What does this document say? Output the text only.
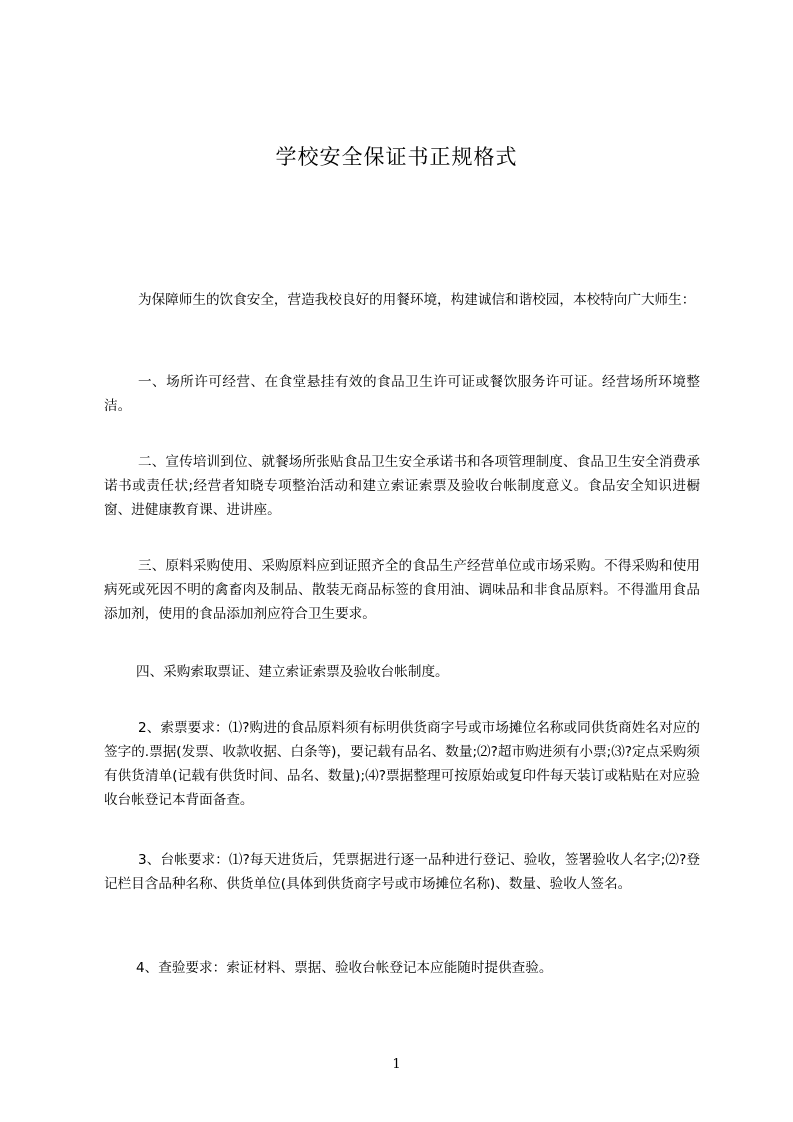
学校安全保证书正规格式

为保障师生的饮食安全，营造我校良好的用餐环境，构建诚信和谐校园，本校特向广大师生：

一、场所许可经营、在食堂悬挂有效的食品卫生许可证或餐饮服务许可证。经营场所环境整洁。

二、宣传培训到位、就餐场所张贴食品卫生安全承诺书和各项管理制度、食品卫生安全消费承诺书或责任状;经营者知晓专项整治活动和建立索证索票及验收台帐制度意义。食品安全知识进橱窗、进健康教育课、进讲座。

三、原料采购使用、采购原料应到证照齐全的食品生产经营单位或市场采购。不得采购和使用病死或死因不明的禽畜肉及制品、散装无商品标签的食用油、调味品和非食品原料。不得滥用食品添加剂，使用的食品添加剂应符合卫生要求。

四、采购索取票证、建立索证索票及验收台帐制度。

2、索票要求：⑴?购进的食品原料须有标明供货商字号或市场摊位名称或同供货商姓名对应的签字的.票据(发票、收款收据、白条等)，要记载有品名、数量;⑵?超市购进须有小票;⑶?定点采购须有供货清单(记载有供货时间、品名、数量);⑷?票据整理可按原始或复印件每天装订或粘贴在对应验收台帐登记本背面备查。

3、台帐要求：⑴?每天进货后，凭票据进行逐一品种进行登记、验收，签署验收人名字;⑵?登记栏目含品种名称、供货单位(具体到供货商字号或市场摊位名称)、数量、验收人签名。

4、查验要求：索证材料、票据、验收台帐登记本应能随时提供查验。

1
